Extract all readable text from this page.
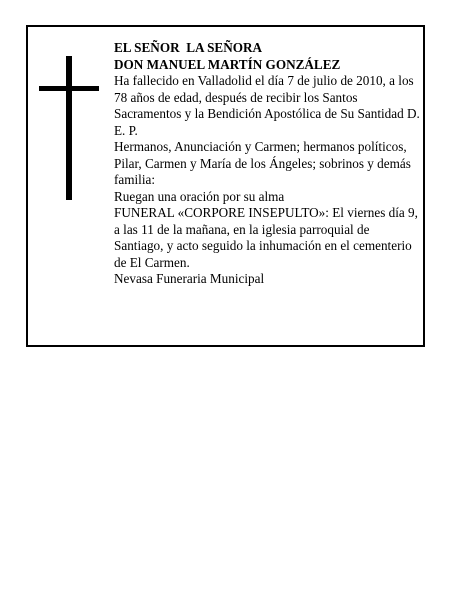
EL SEÑOR  LA SEÑORA

DON MANUEL MARTÍN GONZÁLEZ

Ha fallecido en Valladolid el día 7 de julio de 2010, a los 78 años de edad, después de recibir los Santos Sacramentos y la Bendición Apostólica de Su Santidad D. E. P.

Hermanos, Anunciación y Carmen; hermanos políticos, Pilar, Carmen y María de los Ángeles; sobrinos y demás familia:

Ruegan una oración por su alma

FUNERAL «CORPORE INSEPULTO»: El viernes día 9, a las 11 de la mañana, en la iglesia parroquial de Santiago, y acto seguido la inhumación en el cementerio de El Carmen.

Nevasa Funeraria Municipal
